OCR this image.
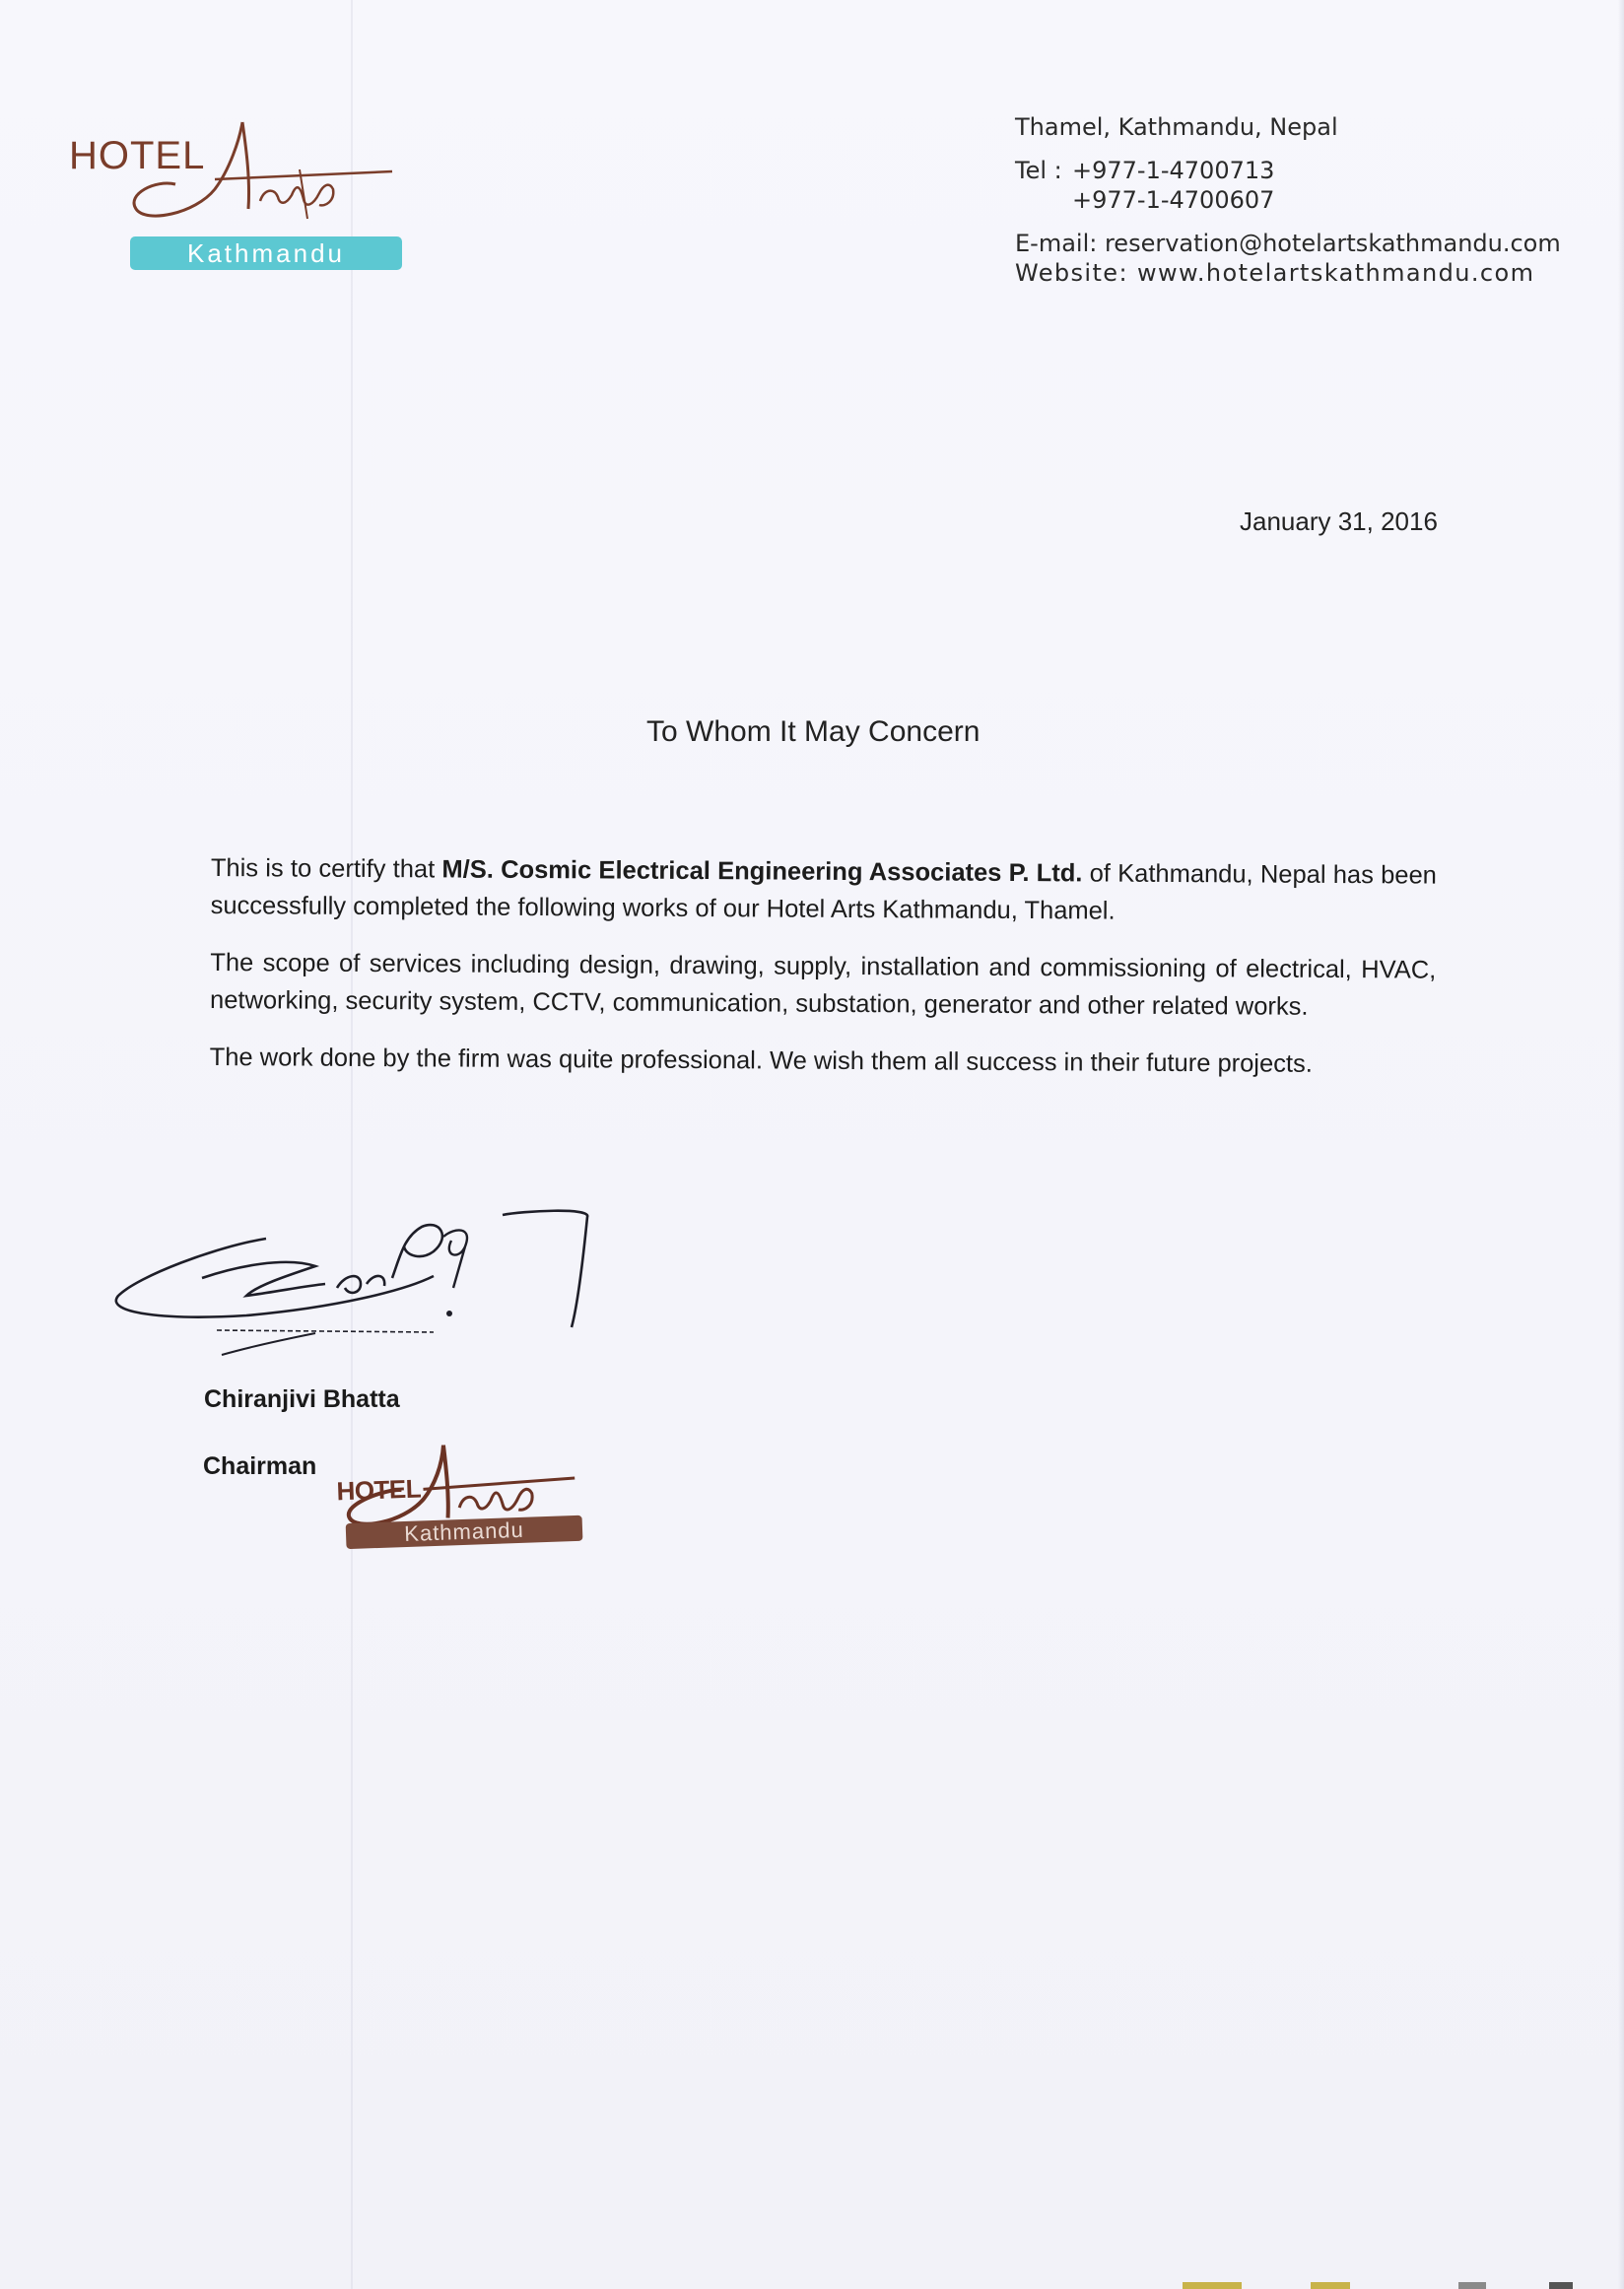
HOTEL
Kathmandu
Thamel, Kathmandu, Nepal
Tel : +977-1-4700713
+977-1-4700607
E-mail: reservation@hotelartskathmandu.com
Website: www.hotelartskathmandu.com
January 31, 2016
To Whom It May Concern

This is to certify that M/S. Cosmic Electrical Engineering Associates P. Ltd. of Kathmandu, Nepal has been successfully completed the following works of our Hotel Arts Kathmandu, Thamel.

The scope of services including design, drawing, supply, installation and commissioning of electrical, HVAC, networking, security system, CCTV, communication, substation, generator and other related works.

The work done by the firm was quite professional. We wish them all success in their future projects.

Chiranjivi Bhatta
Chairman
HOTEL
Kathmandu
